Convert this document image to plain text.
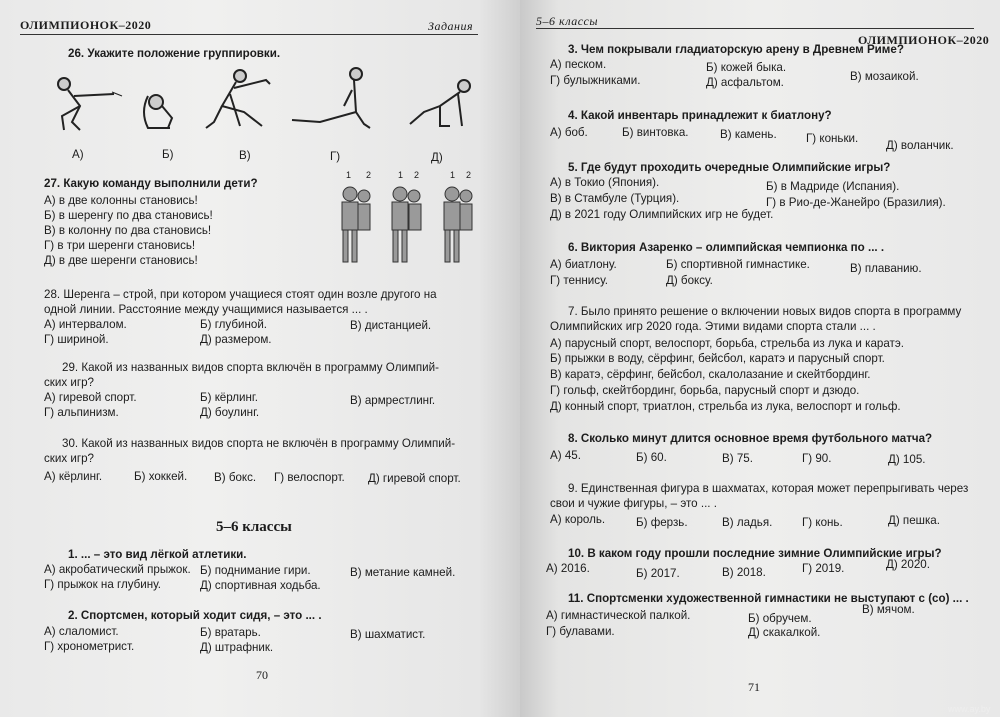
ОЛИМПИОНОК–2020	Задания
26. Укажите положение группировки.
А)	Б)	В)	Г)	Д)
27. Какую команду выполнили дети?
А) в две колонны становись!
Б) в шеренгу по два становись!
В) в колонну по два становись!
Г) в три шеренги становись!
Д) в две шеренги становись!
1 2	1 2	1 2
28. Шеренга – строй, при котором учащиеся стоят один возле другого на
одной линии. Расстояние между учащимися называется ... .
А) интервалом.	Б) глубиной.	В) дистанцией.
Г) шириной.	Д) размером.
29. Какой из названных видов спорта включён в программу Олимпий-
ских игр?
А) гиревой спорт.	Б) кёрлинг.	В) армрестлинг.
Г) альпинизм.	Д) боулинг.
30. Какой из названных видов спорта не включён в программу Олимпий-
ских игр?
А) кёрлинг.	Б) хоккей. В) бокс. Г) велоспорт. Д) гиревой спорт.
5–6 классы
1. ... – это вид лёгкой атлетики.
А) акробатический прыжок. Б) поднимание гири.	В) метание камней.
Г) прыжок на глубину.	Д) спортивная ходьба.
2. Спортсмен, который ходит сидя, – это ... .
А) слаломист.	Б) вратарь.	В) шахматист.
Г) хронометрист.	Д) штрафник.
70
5–6 классы
ОЛИМПИОНОК–2020
3. Чем покрывали гладиаторскую арену в Древнем Риме?
А) песком.	Б) кожей быка.
В) мозаикой.
Г) булыжниками.	Д) асфальтом.
4. Какой инвентарь принадлежит к биатлону?
А) боб.	Б) винтовка.	В) камень.	Г) коньки.
Д) воланчик.
5. Где будут проходить очередные Олимпийские игры?
А) в Токио (Япония).	Б) в Мадриде (Испания).
В) в Стамбуле (Турция).	Г) в Рио-де-Жанейро (Бразилия).
Д) в 2021 году Олимпийских игр не будет.
6. Виктория Азаренко – олимпийская чемпионка по ... .
А) биатлону.	Б) спортивной гимнастике.	В) плаванию.
Г) теннису.	Д) боксу.
7. Было принято решение о включении новых видов спорта в программу
Олимпийских игр 2020 года. Этими видами спорта стали ... .
А) парусный спорт, велоспорт, борьба, стрельба из лука и каратэ.
Б) прыжки в воду, сёрфинг, бейсбол, каратэ и парусный спорт.
В) каратэ, сёрфинг, бейсбол, скалолазание и скейтбординг.
Г) гольф, скейтбординг, борьба, парусный спорт и дзюдо.
Д) конный спорт, триатлон, стрельба из лука, велоспорт и гольф.
8. Сколько минут длится основное время футбольного матча?
А) 45.	Б) 60.	В) 75.	Г) 90.	Д) 105.
9. Единственная фигура в шахматах, которая может перепрыгивать через
свои и чужие фигуры, – это ... .
А) король.	Б) ферзь.	В) ладья.	Г) конь.	Д) пешка.
10. В каком году прошли последние зимние Олимпийские игры?
А) 2016.	Б) 2017.	В) 2018.	Г) 2019.	Д) 2020.
11. Спортсменки художественной гимнастики не выступают с (со) ... .
А) гимнастической палкой.	Б) обручем.
В) мячом.
Г) булавами.	Д) скакалкой.
71
www.ay.by
